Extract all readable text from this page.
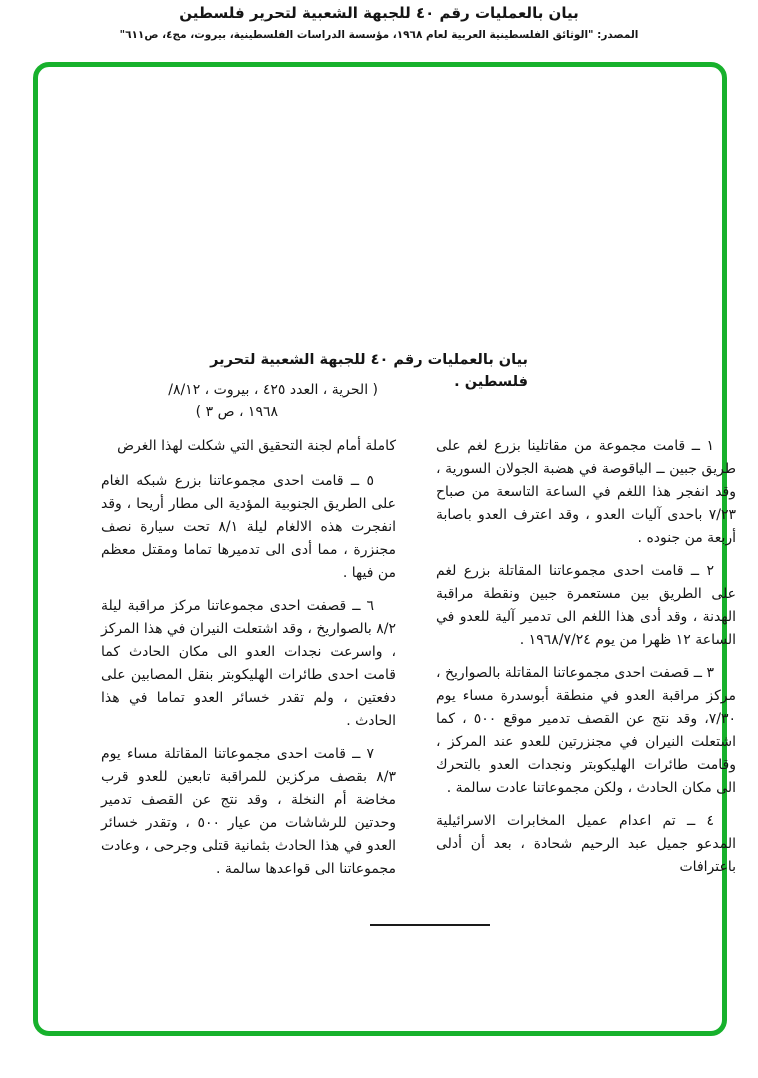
بيان بالعمليات رقم ٤٠ للجبهة الشعبية لتحرير فلسطين
المصدر: "الوثائق الفلسطينية العربية لعام ١٩٦٨، مؤسسة الدراسات الفلسطينية، بيروت، مج٤، ص٦١١"
بيان بالعمليات رقم ٤٠ للجبهة الشعبية لتحرير فلسطين .
( الحرية ، العدد ٤٢٥ ، بيروت ، ٨/١٢/
١٩٦٨ ، ص ٣ )

١ ــ قامت مجموعة من مقاتلينا بزرع لغم على طريق جبين ــ الياقوصة في هضبة الجولان السورية ، وقد انفجر هذا اللغم في الساعة التاسعة من صباح ٧/٢٣ باحدى آليات العدو ، وقد اعترف العدو باصابة أربعة من جنوده .

٢ ــ قامت احدى مجموعاتنا المقاتلة بزرع لغم على الطريق بين مستعمرة جبين ونقطة مراقبة الهدنة ، وقد أدى هذا اللغم الى تدمير آلية للعدو في الساعة ١٢ ظهرا من يوم ١٩٦٨/٧/٢٤ .

٣ ــ قصفت احدى مجموعاتنا المقاتلة بالصواريخ ، مركز مراقبة العدو في منطقة أبوسدرة مساء يوم ٧/٣٠، وقد نتج عن القصف تدمير موقع ٥٠٠ ، كما اشتعلت النيران في مجنزرتين للعدو عند المركز ، وقامت طائرات الهليكوبتر ونجدات العدو بالتحرك الى مكان الحادث ، ولكن مجموعاتنا عادت سالمة .

٤ ــ تم اعدام عميل المخابرات الاسرائيلية المدعو جميل عبد الرحيم شحادة ، بعد أن أدلى باعترافات

كاملة أمام لجنة التحقيق التي شكلت لهذا الغرض

٥ ــ قامت احدى مجموعاتنا بزرع شبكه الغام على الطريق الجنوبية المؤدية الى مطار أريحا ، وقد انفجرت هذه الالغام ليلة ٨/١ تحت سيارة نصف مجنزرة ، مما أدى الى تدميرها تماما ومقتل معظم من فيها .

٦ ــ قصفت احدى مجموعاتنا مركز مراقبة ليلة ٨/٢ بالصواريخ ، وقد اشتعلت النيران في هذا المركز ، واسرعت نجدات العدو الى مكان الحادث كما قامت احدى طائرات الهليكوبتر بنقل المصابين على دفعتين ، ولم تقدر خسائر العدو تماما في هذا الحادث .

٧ ــ قامت احدى مجموعاتنا المقاتلة مساء يوم ٨/٣ بقصف مركزين للمراقبة تابعين للعدو قرب مخاضة أم النخلة ، وقد نتج عن القصف تدمير وحدتين للرشاشات من عيار ٥٠٠ ، وتقدر خسائر العدو في هذا الحادث بثمانية قتلى وجرحى ، وعادت مجموعاتنا الى قواعدها سالمة .
